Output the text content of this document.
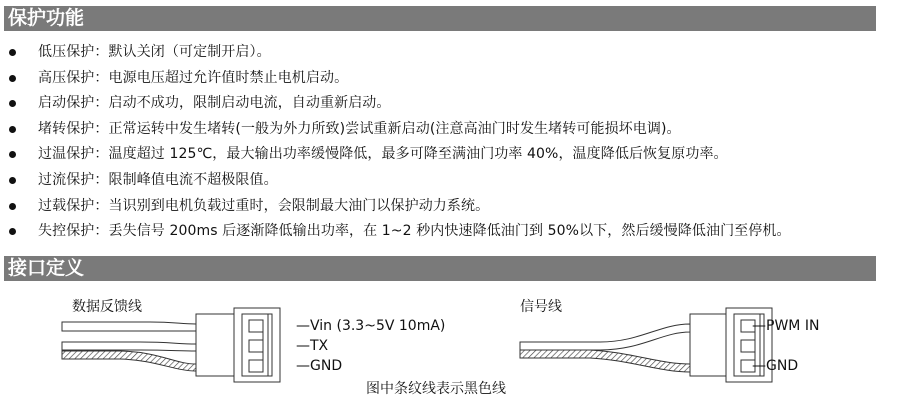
保护功能
低压保护：默认关闭（可定制开启）。
高压保护：电源电压超过允许值时禁止电机启动。
启动保护：启动不成功，限制启动电流，自动重新启动。
堵转保护：正常运转中发生堵转(一般为外力所致)尝试重新启动(注意高油门时发生堵转可能损坏电调)。
过温保护：温度超过 125℃，最大输出功率缓慢降低，最多可降至满油门功率 40%，温度降低后恢复原功率。
过流保护：限制峰值电流不超极限值。
过载保护：当识别到电机负载过重时，会限制最大油门以保护动力系统。
失控保护：丢失信号 200ms 后逐渐降低输出功率，在 1~2 秒内快速降低油门到 50%以下，然后缓慢降低油门至停机。
接口定义
数据反馈线	信号线
—Vin (3.3~5V 10mA)
—TX
—GND
—PWM IN
—GND
图中条纹线表示黑色线
